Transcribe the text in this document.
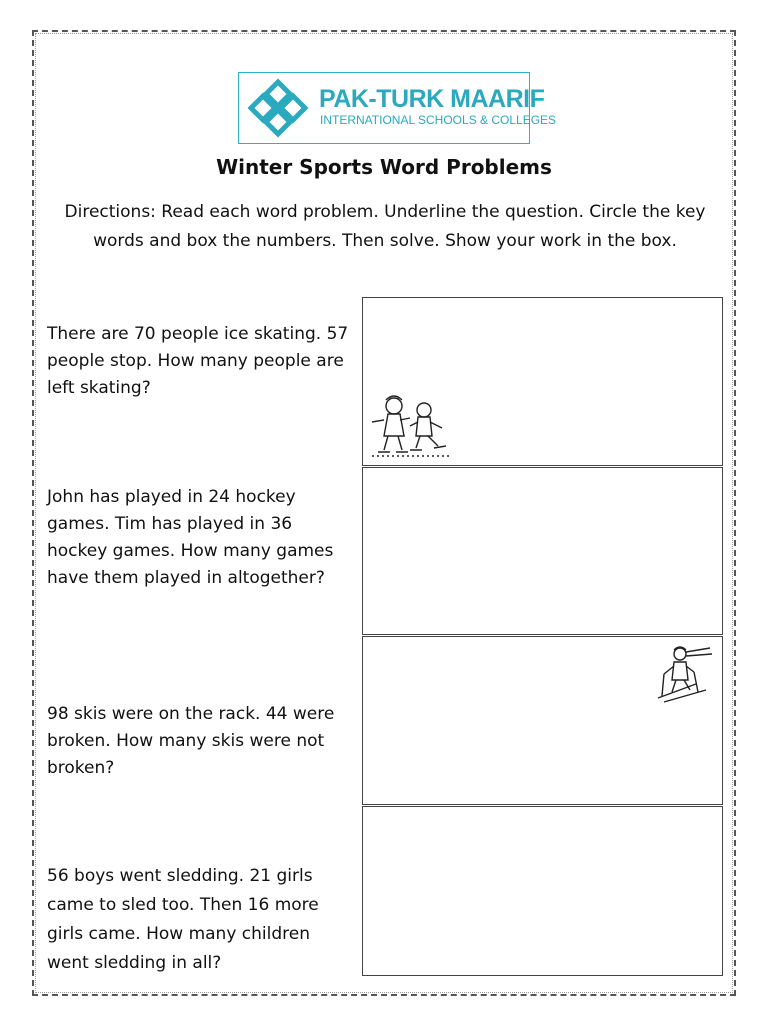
PAK-TURK MAARIF
INTERNATIONAL SCHOOLS & COLLEGES
Winter Sports Word Problems
Directions: Read each word problem. Underline the question. Circle the key words and box the numbers. Then solve. Show your work in the box.
There are 70 people ice skating. 57 people stop. How many people are left skating?
John has played in 24 hockey games. Tim has played in 36 hockey games. How many games have them played in altogether?
98 skis were on the rack. 44 were broken. How many skis were not broken?
56 boys went sledding. 21 girls came to sled too. Then 16 more girls came. How many children went sledding in all?
